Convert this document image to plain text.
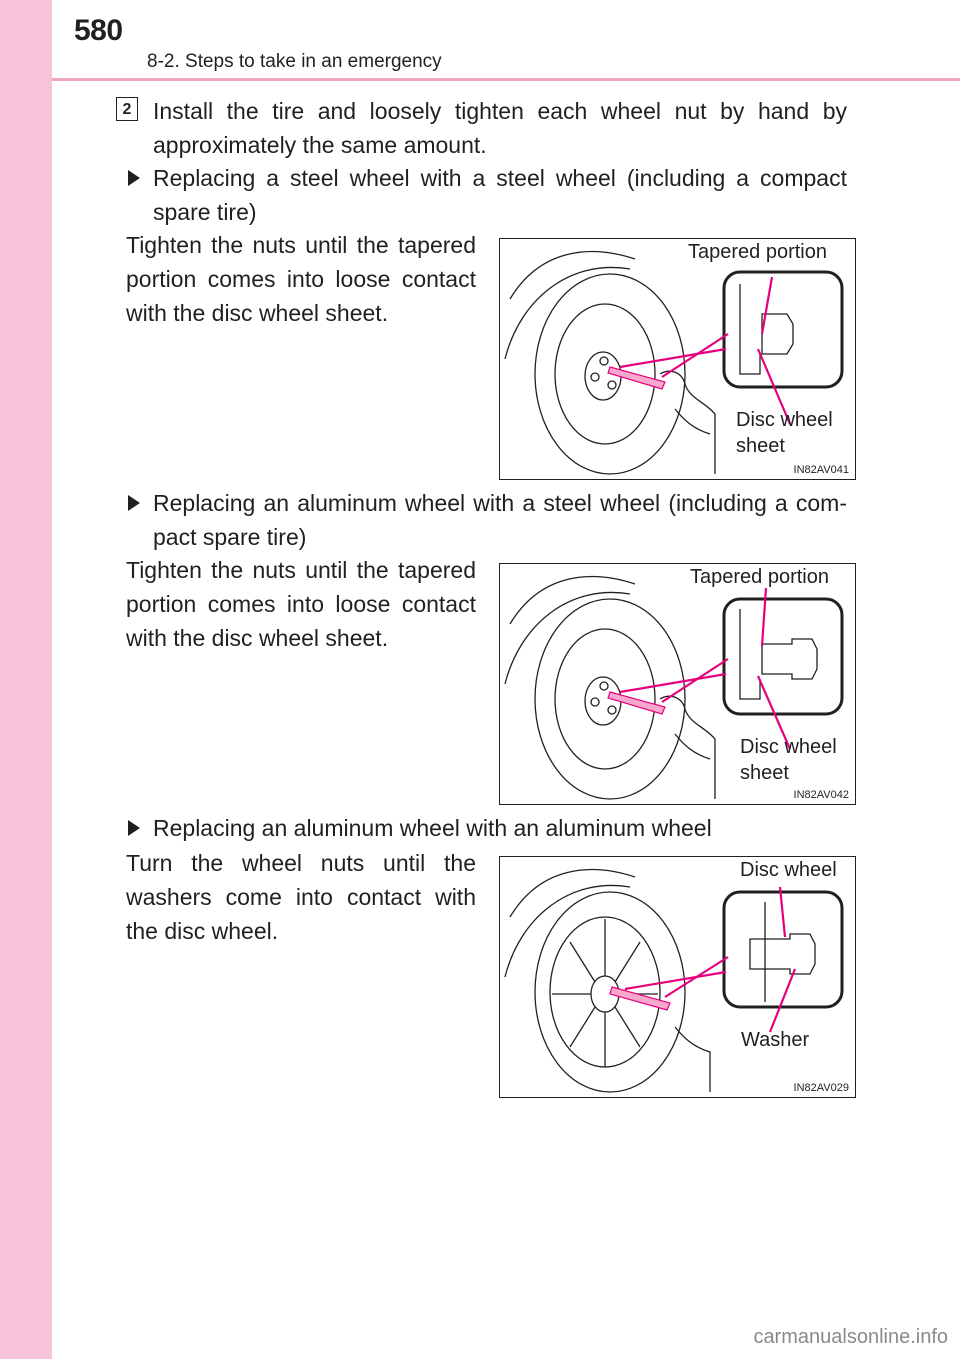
580
8-2. Steps to take in an emergency
2 Install the tire and loosely tighten each wheel nut by hand by approximately the same amount.
Replacing a steel wheel with a steel wheel (including a compact spare tire)
Tighten the nuts until the tapered portion comes into loose contact with the disc wheel sheet.
Tapered portion
Disc wheel
sheet
IN82AV041
Replacing an aluminum wheel with a steel wheel (including a com- pact spare tire)
Tighten the nuts until the tapered portion comes into loose contact with the disc wheel sheet.
Tapered portion
Disc wheel
sheet
IN82AV042
Replacing an aluminum wheel with an aluminum wheel
Turn the wheel nuts until the washers come into contact with the disc wheel.
Disc wheel
Washer
IN82AV029
carmanualsonline.info
